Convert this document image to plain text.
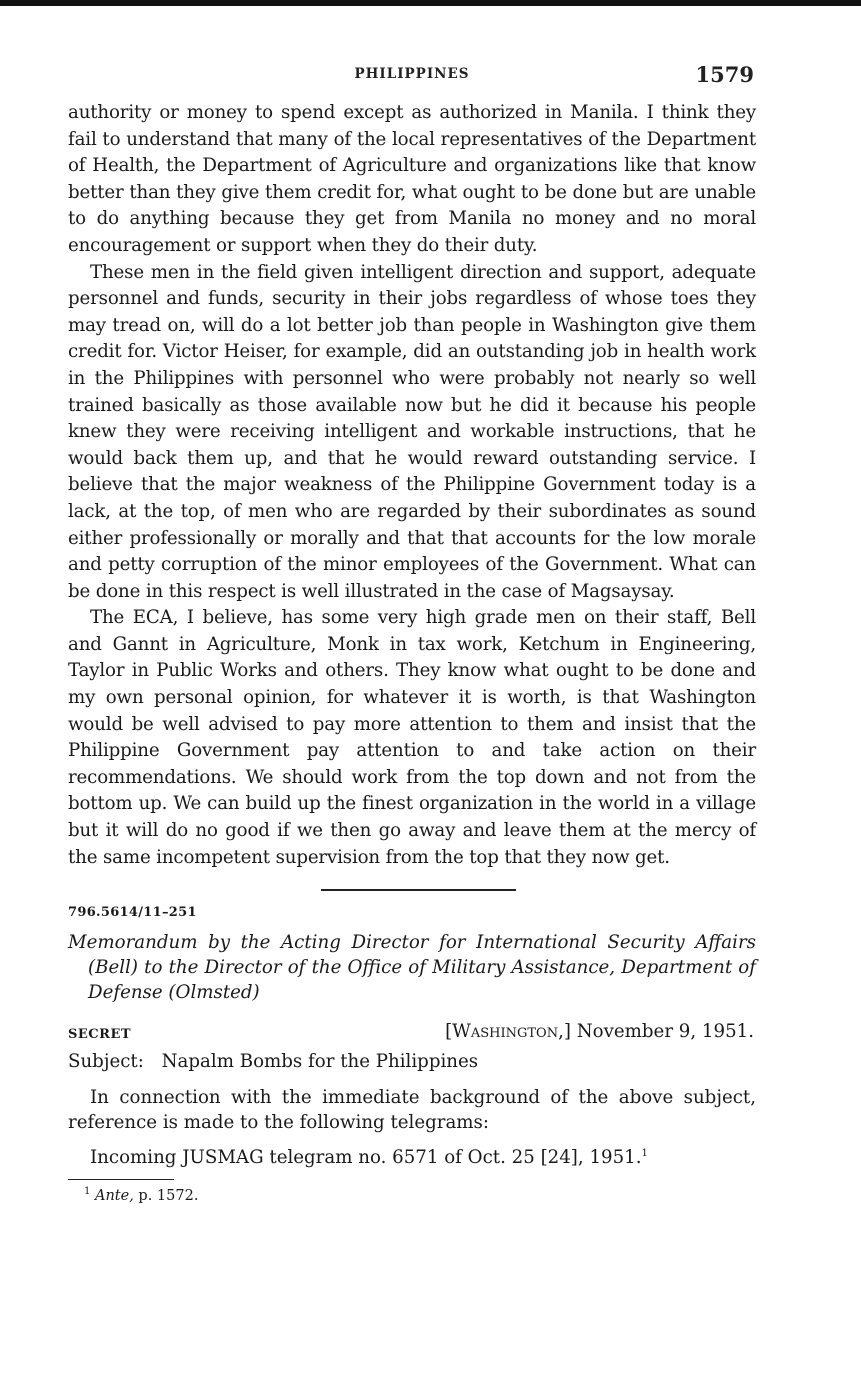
PHILIPPINES	1579

authority or money to spend except as authorized in Manila. I think they fail to understand that many of the local representatives of the Department of Health, the Department of Agriculture and organizations like that know better than they give them credit for, what ought to be done but are unable to do anything because they get from Manila no money and no moral encouragement or support when they do their duty.

These men in the field given intelligent direction and support, adequate personnel and funds, security in their jobs regardless of whose toes they may tread on, will do a lot better job than people in Washington give them credit for. Victor Heiser, for example, did an outstanding job in health work in the Philippines with personnel who were probably not nearly so well trained basically as those available now but he did it because his people knew they were receiving intelligent and workable instructions, that he would back them up, and that he would reward outstanding service. I believe that the major weakness of the Philippine Government today is a lack, at the top, of men who are regarded by their subordinates as sound either professionally or morally and that that accounts for the low morale and petty corruption of the minor employees of the Government. What can be done in this respect is well illustrated in the case of Magsaysay.

The ECA, I believe, has some very high grade men on their staff, Bell and Gannt in Agriculture, Monk in tax work, Ketchum in Engineering, Taylor in Public Works and others. They know what ought to be done and my own personal opinion, for whatever it is worth, is that Washington would be well advised to pay more attention to them and insist that the Philippine Government pay attention to and take action on their recommendations. We should work from the top down and not from the bottom up. We can build up the finest organization in the world in a village but it will do no good if we then go away and leave them at the mercy of the same incompetent supervision from the top that they now get.

796.5614/11–251
Memorandum by the Acting Director for International Security Affairs (Bell) to the Director of the Office of Military Assistance, Department of Defense (Olmsted)
SECRET	[Washington,] November 9, 1951.
Subject: Napalm Bombs for the Philippines
In connection with the immediate background of the above subject, reference is made to the following telegrams:
Incoming JUSMAG telegram no. 6571 of Oct. 25 [24], 1951.$^1$
$^1$ Ante, p. 1572.
